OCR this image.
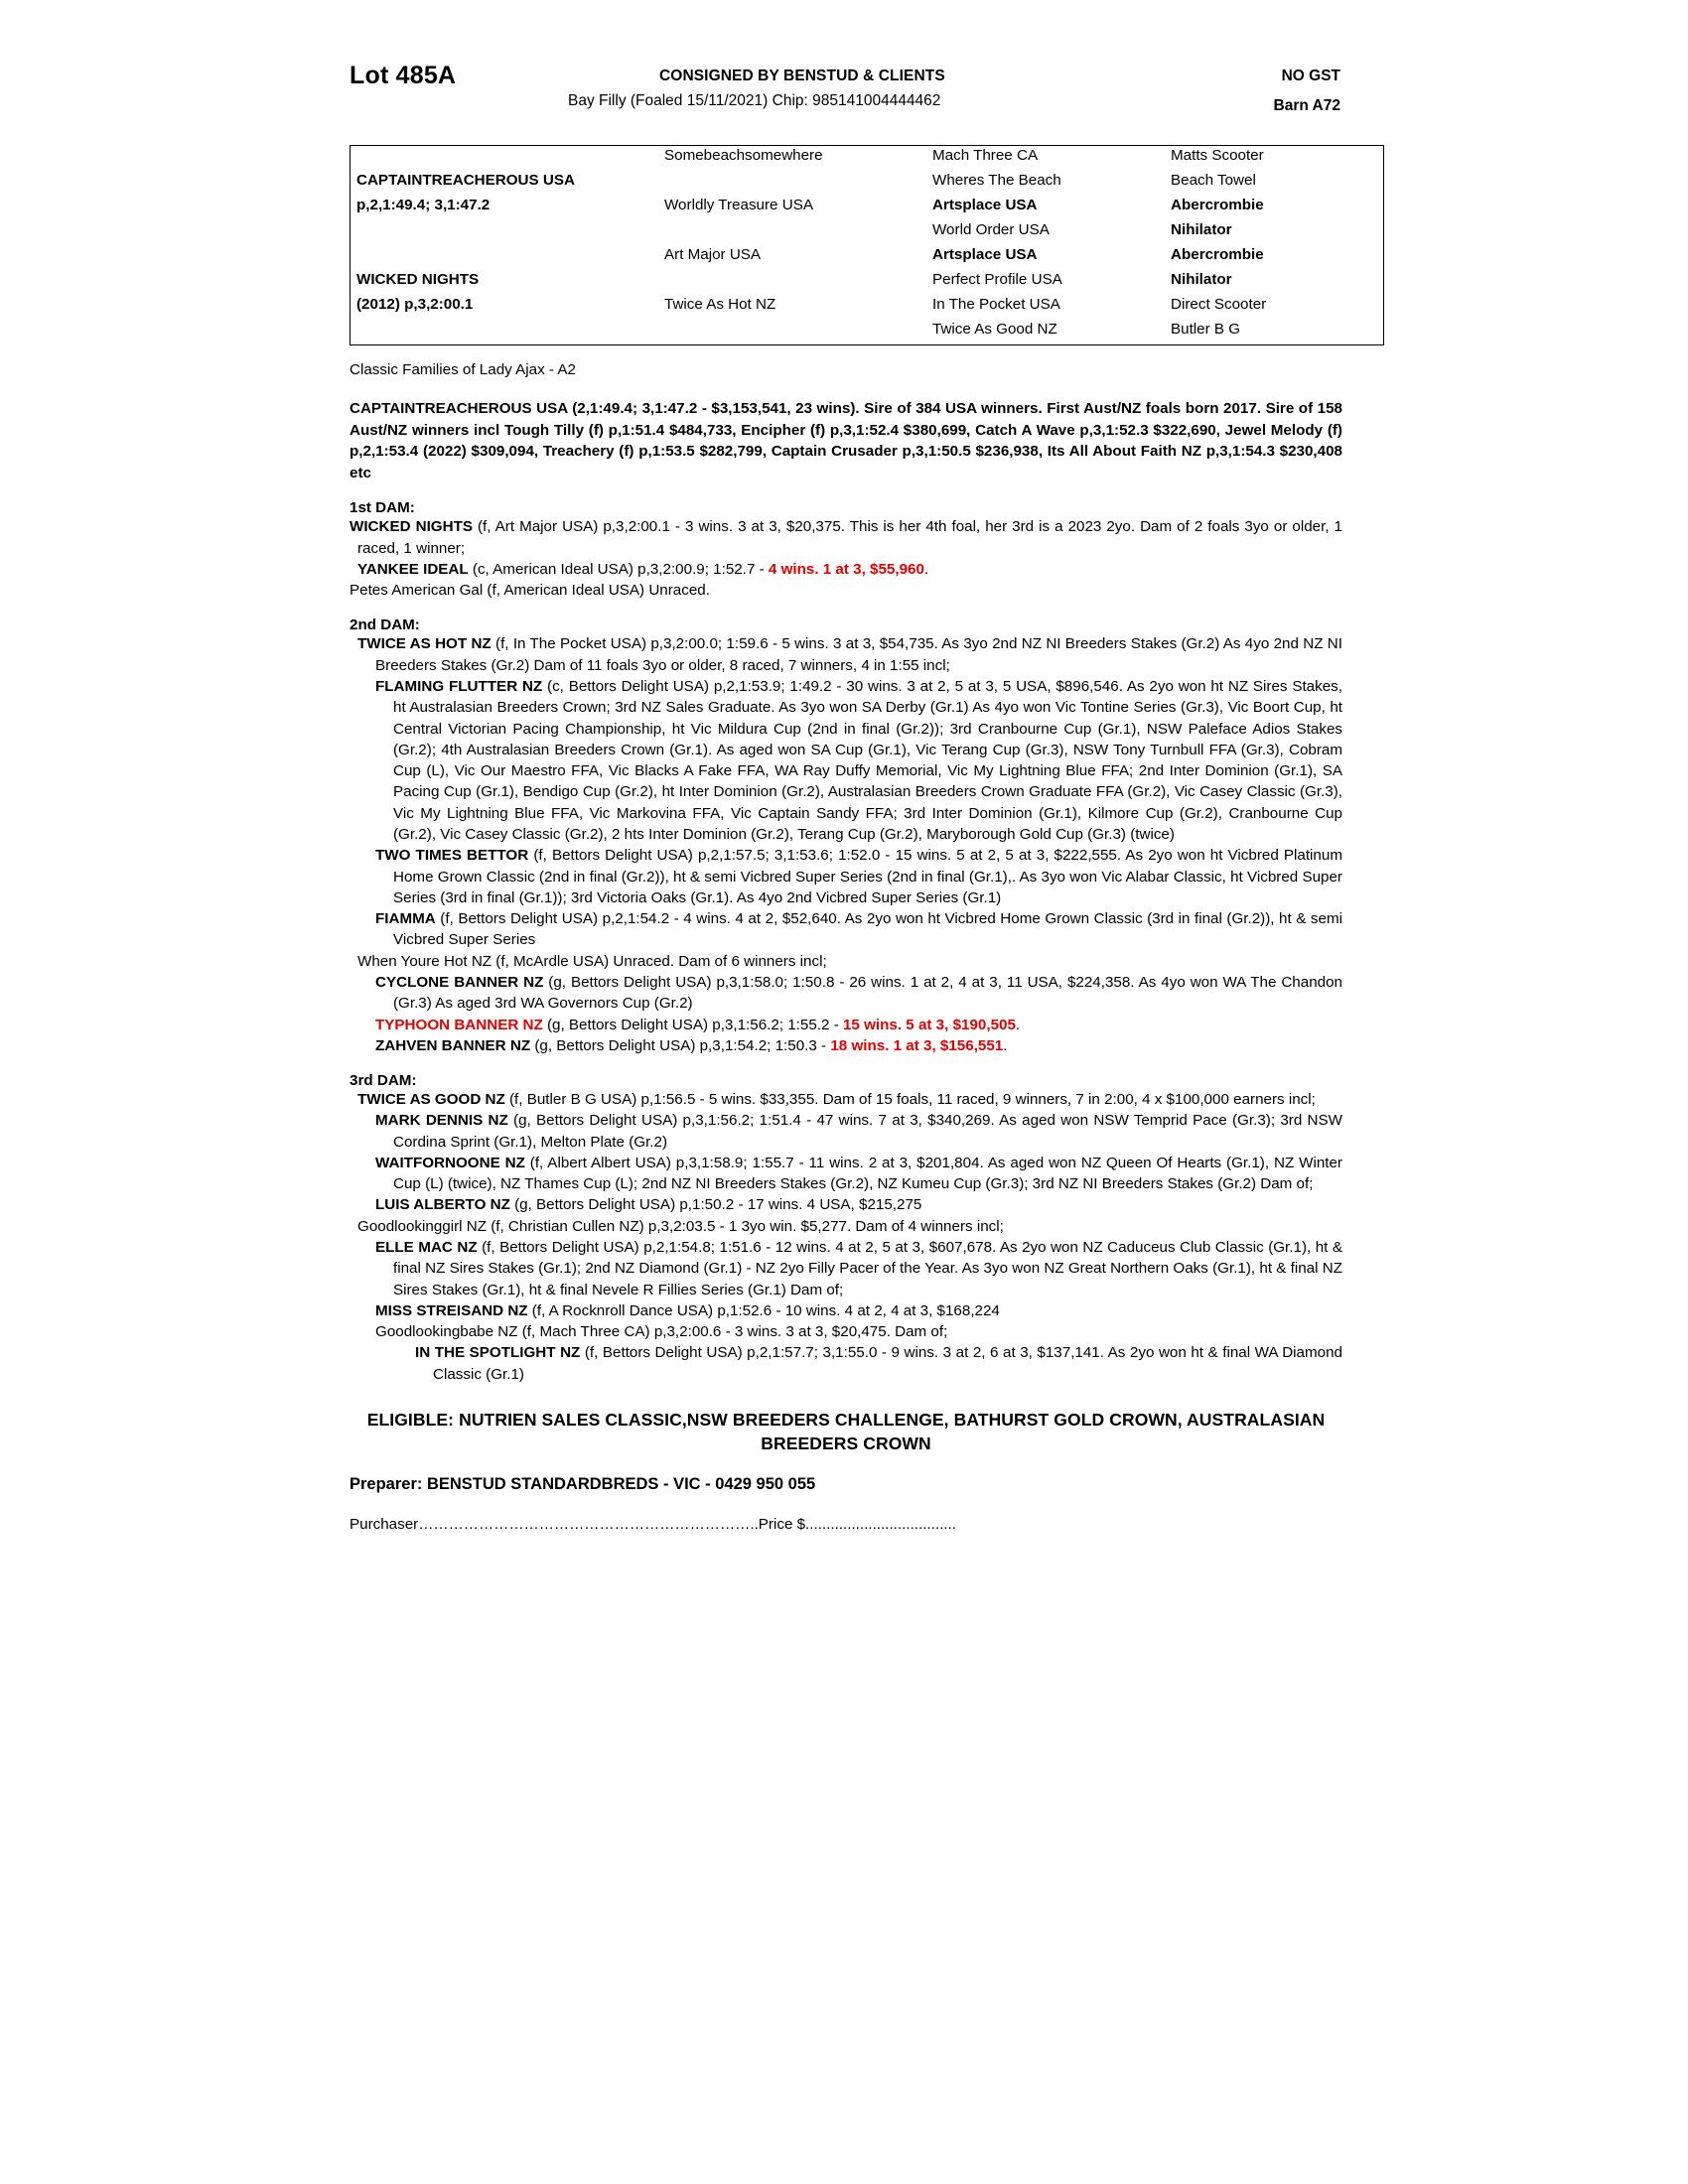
Lot 485A	CONSIGNED BY BENSTUD & CLIENTS	NO GST
Bay Filly (Foaled 15/11/2021) Chip: 985141004444462	Barn A72
	Somebeachsomewhere	Mach Three CA	Matts Scooter
CAPTAINTREACHEROUS USA		Wheres The Beach	Beach Towel
p,2,1:49.4; 3,1:47.2	Worldly Treasure USA	Artsplace USA	Abercrombie
		World Order USA	Nihilator
	Art Major USA	Artsplace USA	Abercrombie
WICKED NIGHTS		Perfect Profile USA	Nihilator
(2012) p,3,2:00.1	Twice As Hot NZ	In The Pocket USA	Direct Scooter
		Twice As Good NZ	Butler B G
Classic Families of Lady Ajax - A2
CAPTAINTREACHEROUS USA (2,1:49.4; 3,1:47.2 - $3,153,541, 23 wins). Sire of 384 USA winners. First Aust/NZ foals born 2017. Sire of 158 Aust/NZ winners incl Tough Tilly (f) p,1:51.4 $484,733, Encipher (f) p,3,1:52.4 $380,699, Catch A Wave p,3,1:52.3 $322,690, Jewel Melody (f) p,2,1:53.4 (2022) $309,094, Treachery (f) p,1:53.5 $282,799, Captain Crusader p,3,1:50.5 $236,938, Its All About Faith NZ p,3,1:54.3 $230,408 etc
1st DAM:

WICKED NIGHTS (f, Art Major USA) p,3,2:00.1 - 3 wins. 3 at 3, $20,375. This is her 4th foal, her 3rd is a 2023 2yo. Dam of 2 foals 3yo or older, 1 raced, 1 winner;

YANKEE IDEAL (c, American Ideal USA) p,3,2:00.9; 1:52.7 - 4 wins. 1 at 3, $55,960.

Petes American Gal (f, American Ideal USA) Unraced.

2nd DAM:

TWICE AS HOT NZ (f, In The Pocket USA) p,3,2:00.0; 1:59.6 - 5 wins. 3 at 3, $54,735. As 3yo 2nd NZ NI Breeders Stakes (Gr.2) As 4yo 2nd NZ NI Breeders Stakes (Gr.2) Dam of 11 foals 3yo or older, 8 raced, 7 winners, 4 in 1:55 incl;

FLAMING FLUTTER NZ (c, Bettors Delight USA) p,2,1:53.9; 1:49.2 - 30 wins. 3 at 2, 5 at 3, 5 USA, $896,546. As 2yo won ht NZ Sires Stakes, ht Australasian Breeders Crown; 3rd NZ Sales Graduate. As 3yo won SA Derby (Gr.1) As 4yo won Vic Tontine Series (Gr.3), Vic Boort Cup, ht Central Victorian Pacing Championship, ht Vic Mildura Cup (2nd in final (Gr.2)); 3rd Cranbourne Cup (Gr.1), NSW Paleface Adios Stakes (Gr.2); 4th Australasian Breeders Crown (Gr.1). As aged won SA Cup (Gr.1), Vic Terang Cup (Gr.3), NSW Tony Turnbull FFA (Gr.3), Cobram Cup (L), Vic Our Maestro FFA, Vic Blacks A Fake FFA, WA Ray Duffy Memorial, Vic My Lightning Blue FFA; 2nd Inter Dominion (Gr.1), SA Pacing Cup (Gr.1), Bendigo Cup (Gr.2), ht Inter Dominion (Gr.2), Australasian Breeders Crown Graduate FFA (Gr.2), Vic Casey Classic (Gr.3), Vic My Lightning Blue FFA, Vic Markovina FFA, Vic Captain Sandy FFA; 3rd Inter Dominion (Gr.1), Kilmore Cup (Gr.2), Cranbourne Cup (Gr.2), Vic Casey Classic (Gr.2), 2 hts Inter Dominion (Gr.2), Terang Cup (Gr.2), Maryborough Gold Cup (Gr.3) (twice)

TWO TIMES BETTOR (f, Bettors Delight USA) p,2,1:57.5; 3,1:53.6; 1:52.0 - 15 wins. 5 at 2, 5 at 3, $222,555. As 2yo won ht Vicbred Platinum Home Grown Classic (2nd in final (Gr.2)), ht & semi Vicbred Super Series (2nd in final (Gr.1),. As 3yo won Vic Alabar Classic, ht Vicbred Super Series (3rd in final (Gr.1)); 3rd Victoria Oaks (Gr.1). As 4yo 2nd Vicbred Super Series (Gr.1)

FIAMMA (f, Bettors Delight USA) p,2,1:54.2 - 4 wins. 4 at 2, $52,640. As 2yo won ht Vicbred Home Grown Classic (3rd in final (Gr.2)), ht & semi Vicbred Super Series

When Youre Hot NZ (f, McArdle USA) Unraced. Dam of 6 winners incl;

CYCLONE BANNER NZ (g, Bettors Delight USA) p,3,1:58.0; 1:50.8 - 26 wins. 1 at 2, 4 at 3, 11 USA, $224,358. As 4yo won WA The Chandon (Gr.3) As aged 3rd WA Governors Cup (Gr.2)

TYPHOON BANNER NZ (g, Bettors Delight USA) p,3,1:56.2; 1:55.2 - 15 wins. 5 at 3, $190,505.

ZAHVEN BANNER NZ (g, Bettors Delight USA) p,3,1:54.2; 1:50.3 - 18 wins. 1 at 3, $156,551.

3rd DAM:

TWICE AS GOOD NZ (f, Butler B G USA) p,1:56.5 - 5 wins. $33,355. Dam of 15 foals, 11 raced, 9 winners, 7 in 2:00, 4 x $100,000 earners incl;

MARK DENNIS NZ (g, Bettors Delight USA) p,3,1:56.2; 1:51.4 - 47 wins. 7 at 3, $340,269. As aged won NSW Temprid Pace (Gr.3); 3rd NSW Cordina Sprint (Gr.1), Melton Plate (Gr.2)

WAITFORNOONE NZ (f, Albert Albert USA) p,3,1:58.9; 1:55.7 - 11 wins. 2 at 3, $201,804. As aged won NZ Queen Of Hearts (Gr.1), NZ Winter Cup (L) (twice), NZ Thames Cup (L); 2nd NZ NI Breeders Stakes (Gr.2), NZ Kumeu Cup (Gr.3); 3rd NZ NI Breeders Stakes (Gr.2) Dam of;

LUIS ALBERTO NZ (g, Bettors Delight USA) p,1:50.2 - 17 wins. 4 USA, $215,275

Goodlookinggirl NZ (f, Christian Cullen NZ) p,3,2:03.5 - 1 3yo win. $5,277. Dam of 4 winners incl;

ELLE MAC NZ (f, Bettors Delight USA) p,2,1:54.8; 1:51.6 - 12 wins. 4 at 2, 5 at 3, $607,678. As 2yo won NZ Caduceus Club Classic (Gr.1), ht & final NZ Sires Stakes (Gr.1); 2nd NZ Diamond (Gr.1) - NZ 2yo Filly Pacer of the Year. As 3yo won NZ Great Northern Oaks (Gr.1), ht & final NZ Sires Stakes (Gr.1), ht & final Nevele R Fillies Series (Gr.1) Dam of;

MISS STREISAND NZ (f, A Rocknroll Dance USA) p,1:52.6 - 10 wins. 4 at 2, 4 at 3, $168,224

Goodlookingbabe NZ (f, Mach Three CA) p,3,2:00.6 - 3 wins. 3 at 3, $20,475. Dam of;

IN THE SPOTLIGHT NZ (f, Bettors Delight USA) p,2,1:57.7; 3,1:55.0 - 9 wins. 3 at 2, 6 at 3, $137,141. As 2yo won ht & final WA Diamond Classic (Gr.1)

ELIGIBLE: NUTRIEN SALES CLASSIC,NSW BREEDERS CHALLENGE, BATHURST GOLD CROWN, AUSTRALASIAN BREEDERS CROWN
Preparer: BENSTUD STANDARDBREDS - VIC - 0429 950 055
Purchaser…………………………………………………………..Price $....................................
